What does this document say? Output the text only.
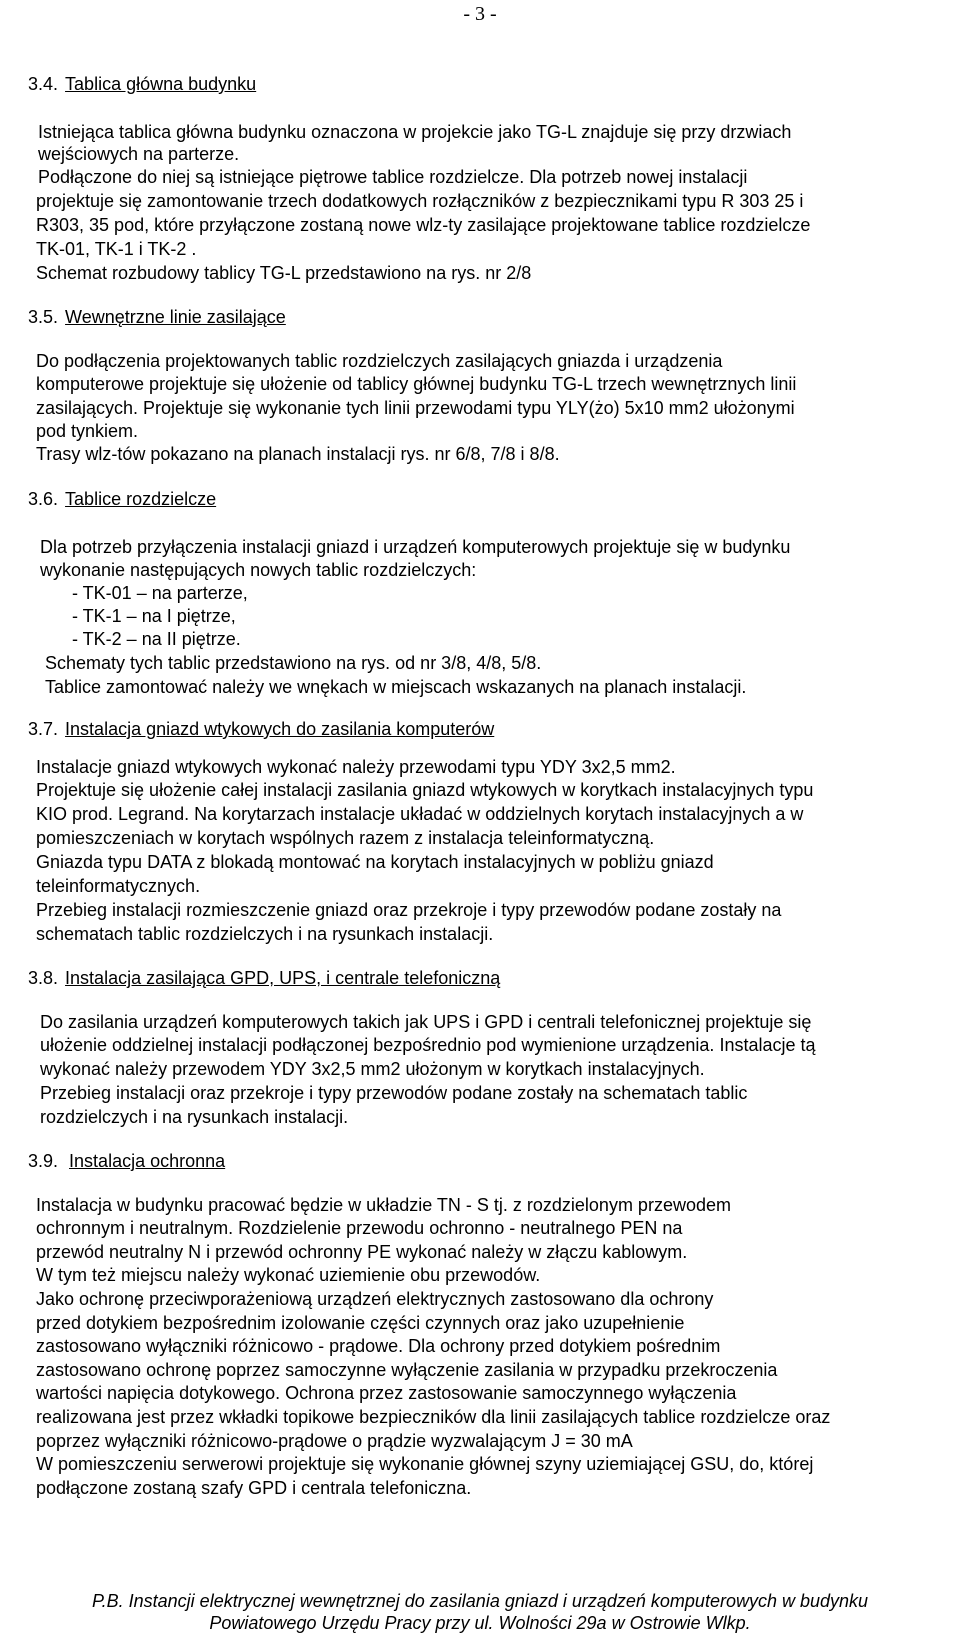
- 3 -
3.4. Tablica główna budynku
Istniejąca tablica główna budynku oznaczona w projekcie jako TG-L znajduje się przy drzwiach
wejściowych na parterze.
Podłączone do niej są istniejące piętrowe tablice rozdzielcze. Dla potrzeb nowej instalacji
projektuje się zamontowanie trzech dodatkowych rozłączników z bezpiecznikami typu R 303 25 i
R303, 35 pod, które przyłączone zostaną nowe wlz-ty zasilające projektowane tablice rozdzielcze
TK-01, TK-1 i TK-2 .
Schemat rozbudowy tablicy TG-L przedstawiono na rys. nr 2/8
3.5. Wewnętrzne linie zasilające
Do podłączenia projektowanych tablic rozdzielczych zasilających gniazda i urządzenia
komputerowe projektuje się ułożenie od tablicy głównej budynku TG-L trzech wewnętrznych linii
zasilających. Projektuje się wykonanie tych linii przewodami typu YLY(żo) 5x10 mm2 ułożonymi
pod tynkiem.
Trasy wlz-tów pokazano na planach instalacji rys. nr 6/8, 7/8 i 8/8.
3.6. Tablice rozdzielcze
Dla potrzeb przyłączenia instalacji gniazd i urządzeń komputerowych projektuje się w budynku
wykonanie następujących nowych tablic rozdzielczych:
- TK-01 – na parterze,
- TK-1 – na I piętrze,
- TK-2 – na II piętrze.
Schematy tych tablic przedstawiono na rys. od nr 3/8, 4/8, 5/8.
Tablice zamontować należy we wnękach w miejscach wskazanych na planach instalacji.
3.7. Instalacja gniazd wtykowych do zasilania komputerów
Instalacje gniazd wtykowych wykonać należy przewodami typu YDY 3x2,5 mm2.
Projektuje się ułożenie całej instalacji zasilania gniazd wtykowych w korytkach instalacyjnych typu
KIO prod. Legrand. Na korytarzach instalacje układać w oddzielnych korytach instalacyjnych a w
pomieszczeniach w korytach wspólnych razem z instalacja teleinformatyczną.
Gniazda typu DATA z blokadą montować na korytach instalacyjnych w pobliżu gniazd
teleinformatycznych.
Przebieg instalacji rozmieszczenie gniazd oraz przekroje i typy przewodów podane zostały na
schematach tablic rozdzielczych i na rysunkach instalacji.
3.8. Instalacja zasilająca GPD, UPS, i centrale telefoniczną
Do zasilania urządzeń komputerowych takich jak UPS i GPD i centrali telefonicznej projektuje się
ułożenie oddzielnej instalacji podłączonej bezpośrednio pod wymienione urządzenia. Instalacje tą
wykonać należy przewodem YDY 3x2,5 mm2 ułożonym w korytkach instalacyjnych.
Przebieg instalacji oraz przekroje i typy przewodów podane zostały na schematach tablic
rozdzielczych i na rysunkach instalacji.
3.9. Instalacja ochronna
Instalacja w budynku pracować będzie w układzie TN - S tj. z rozdzielonym przewodem
ochronnym i neutralnym. Rozdzielenie przewodu ochronno - neutralnego PEN na
przewód neutralny N i przewód ochronny PE wykonać należy w złączu kablowym.
W tym też miejscu należy wykonać uziemienie obu przewodów.
Jako ochronę przeciwporażeniową urządzeń elektrycznych zastosowano dla ochrony
przed dotykiem bezpośrednim izolowanie części czynnych oraz jako uzupełnienie
zastosowano wyłączniki różnicowo - prądowe. Dla ochrony przed dotykiem pośrednim
zastosowano ochronę poprzez samoczynne wyłączenie zasilania w przypadku przekroczenia
wartości napięcia dotykowego. Ochrona przez zastosowanie samoczynnego wyłączenia
realizowana jest przez wkładki topikowe bezpieczników dla linii zasilających tablice rozdzielcze oraz
poprzez wyłączniki różnicowo-prądowe o prądzie wyzwalającym J = 30 mA
W pomieszczeniu serwerowi projektuje się wykonanie głównej szyny uziemiającej GSU, do, której
podłączone zostaną szafy GPD i centrala telefoniczna.
P.B. Instancji elektrycznej wewnętrznej do zasilania gniazd i urządzeń komputerowych w budynku
Powiatowego Urzędu Pracy przy ul. Wolności 29a w Ostrowie Wlkp.
